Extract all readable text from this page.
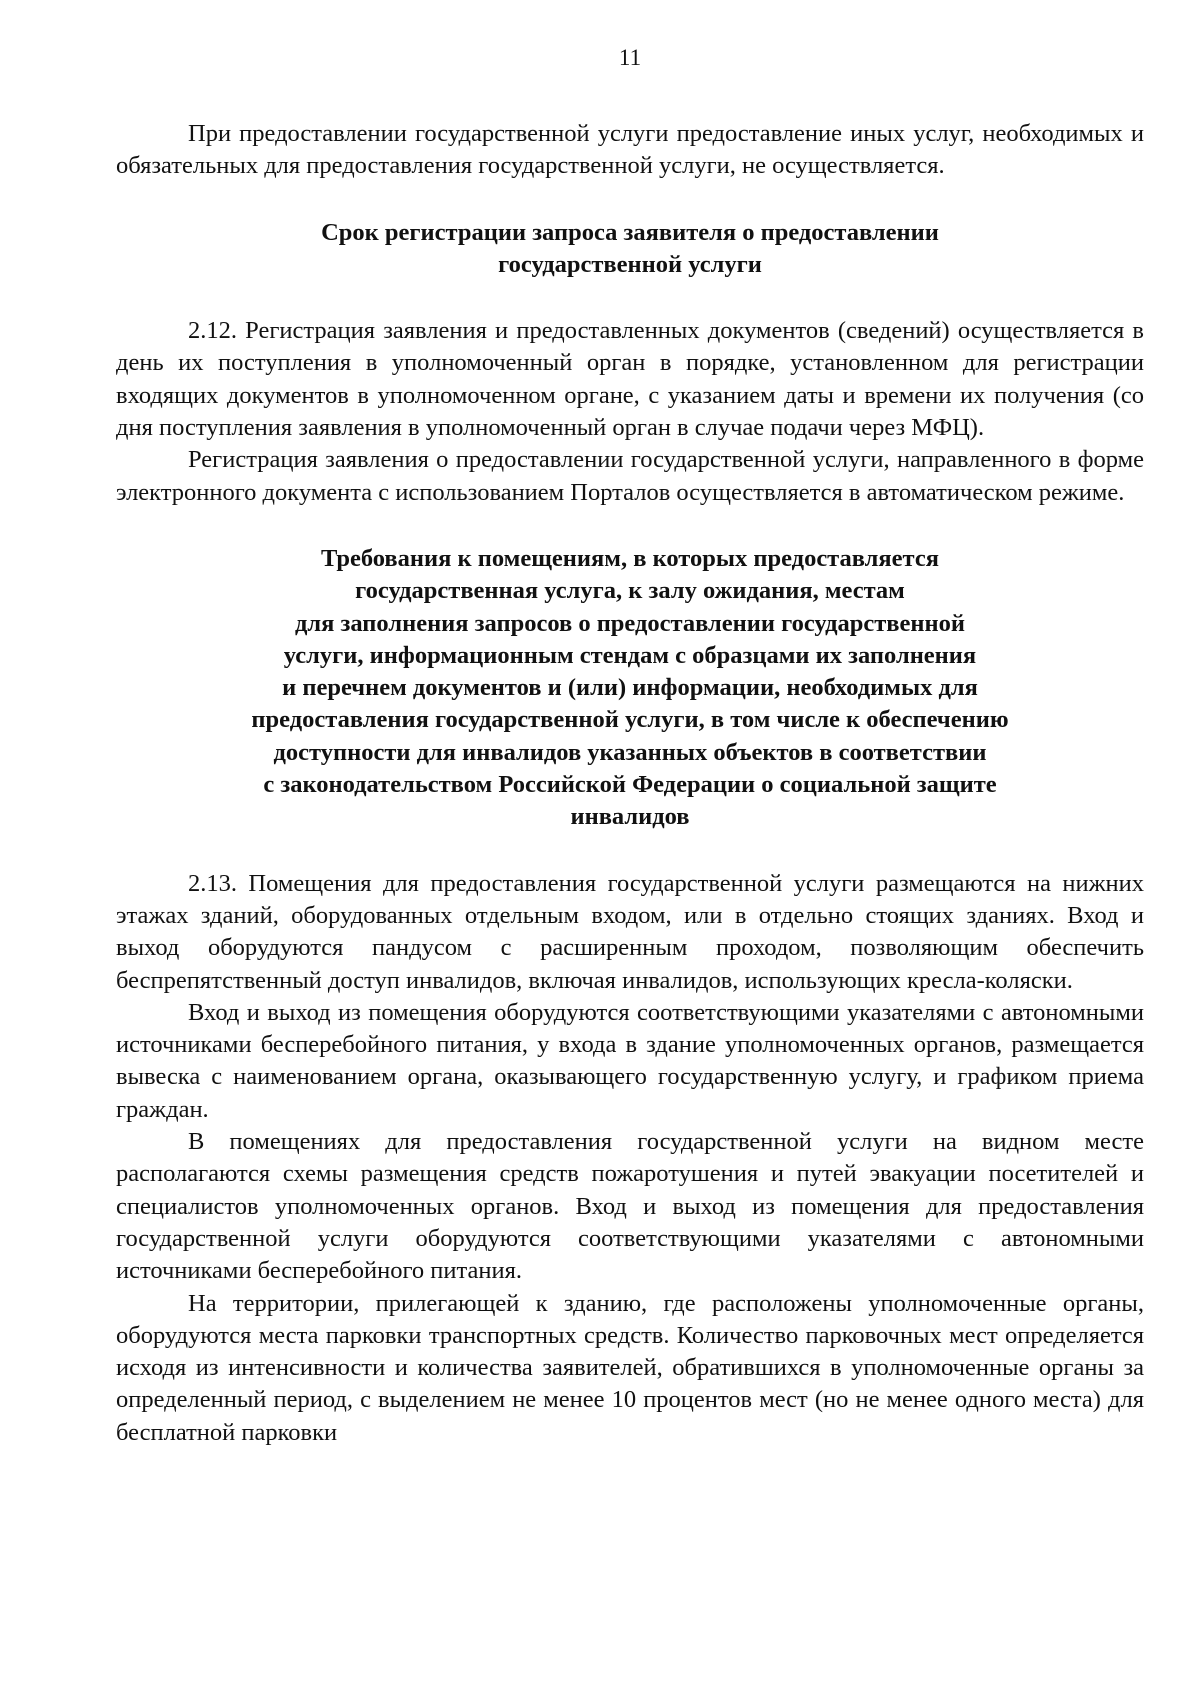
11

При предоставлении государственной услуги предоставление иных услуг, необходимых и обязательных для предоставления государственной услуги, не осуществляется.

Срок регистрации запроса заявителя о предоставлении
государственной услуги

2.12. Регистрация заявления и предоставленных документов (сведений) осуществляется в день их поступления в уполномоченный орган в порядке, установленном для регистрации входящих документов в уполномоченном органе, с указанием даты и времени их получения (со дня поступления заявления в уполномоченный орган в случае подачи через МФЦ).

Регистрация заявления о предоставлении государственной услуги, направленного в форме электронного документа с использованием Порталов осуществляется в автоматическом режиме.

Требования к помещениям, в которых предоставляется
государственная услуга, к залу ожидания, местам
для заполнения запросов о предоставлении государственной
услуги, информационным стендам с образцами их заполнения
и перечнем документов и (или) информации, необходимых для
предоставления государственной услуги, в том числе к обеспечению
доступности для инвалидов указанных объектов в соответствии
с законодательством Российской Федерации о социальной защите
инвалидов

2.13. Помещения для предоставления государственной услуги размещаются на нижних этажах зданий, оборудованных отдельным входом, или в отдельно стоящих зданиях. Вход и выход оборудуются пандусом с расширенным проходом, позволяющим обеспечить беспрепятственный доступ инвалидов, включая инвалидов, использующих кресла-коляски.

Вход и выход из помещения оборудуются соответствующими указателями с автономными источниками бесперебойного питания, у входа в здание уполномоченных органов, размещается вывеска с наименованием органа, оказывающего государственную услугу, и графиком приема граждан.

В помещениях для предоставления государственной услуги на видном месте располагаются схемы размещения средств пожаротушения и путей эвакуации посетителей и специалистов уполномоченных органов. Вход и выход из помещения для предоставления государственной услуги оборудуются соответствующими указателями с автономными источниками бесперебойного питания.

На территории, прилегающей к зданию, где расположены уполномоченные органы, оборудуются места парковки транспортных средств. Количество парковочных мест определяется исходя из интенсивности и количества заявителей, обратившихся в уполномоченные органы за определенный период, с выделением не менее 10 процентов мест (но не менее одного места) для бесплатной парковки
